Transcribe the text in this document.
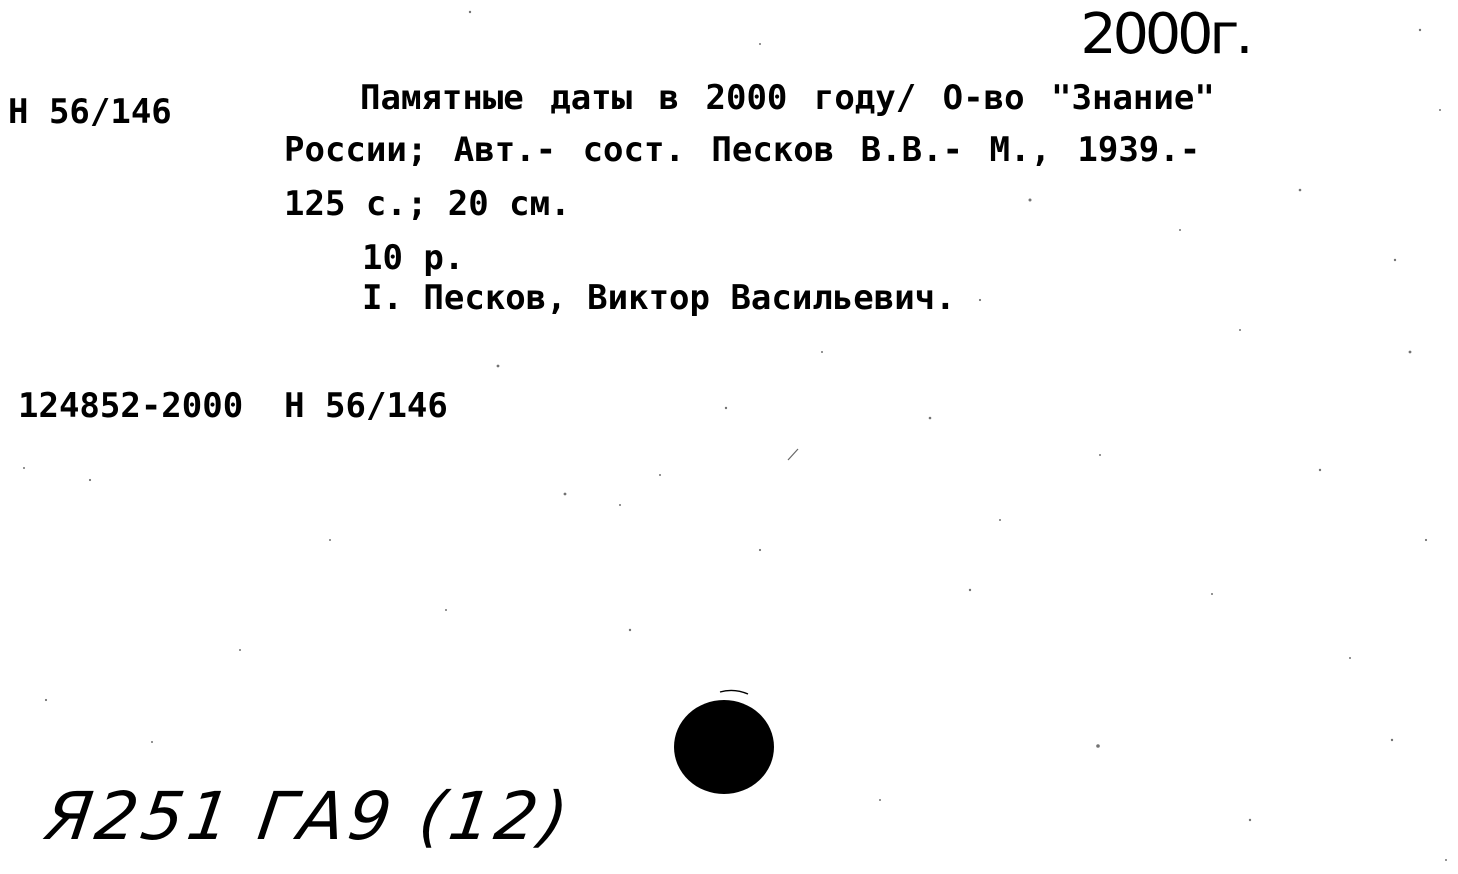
2000г.
Н 56/146	Памятные даты в 2000 году/ О-во "Знание"
России; Авт.- сост. Песков В.В.- М., 1939.-
125 с.; 20 см.
10 р.
I. Песков, Виктор Васильевич.
124852-2000  Н 56/146
Я251 ГА9 (12)
